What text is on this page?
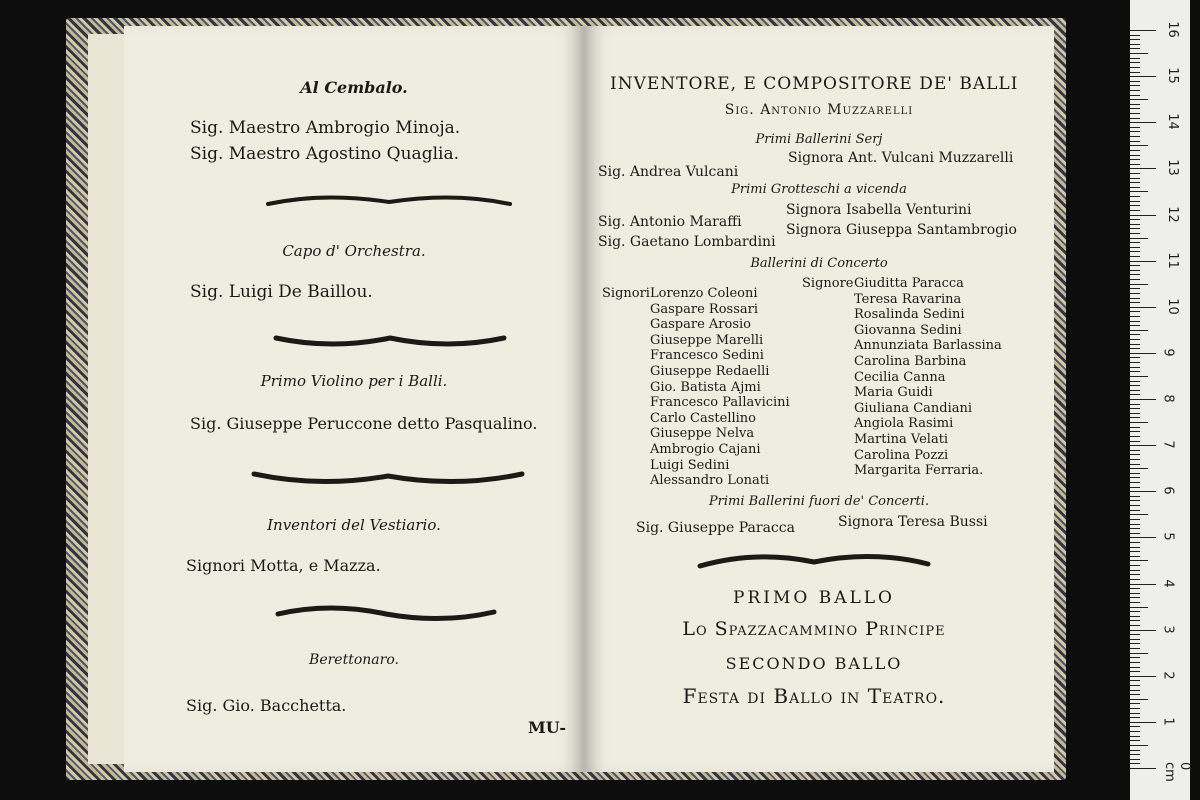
Al Cembalo.
Sig. Maestro Ambrogio Minoja.
Sig. Maestro Agostino Quaglia.
Capo d' Orchestra.
Sig. Luigi De Baillou.
Primo Violino per i Balli.
Sig. Giuseppe Peruccone detto Pasqualino.
Inventori del Vestiario.
Signori Motta, e Mazza.
Berettonaro.
Sig. Gio. Bacchetta.
MU-
INVENTORE, E COMPOSITORE DE' BALLI
Sig. Antonio Muzzarelli
Primi Ballerini Serj
Sig. Andrea Vulcani
Signora Ant. Vulcani Muzzarelli
Primi Grotteschi a vicenda
Sig. Antonio Maraffi
Sig. Gaetano Lombardini
Signora Isabella Venturini
Signora Giuseppa Santambrogio
Ballerini di Concerto
Signori Lorenzo Coleoni
Gaspare Rossari
Gaspare Arosio
Giuseppe Marelli
Francesco Sedini
Giuseppe Redaelli
Gio. Batista Ajmi
Francesco Pallavicini
Carlo Castellino
Giuseppe Nelva
Ambrogio Cajani
Luigi Sedini
Alessandro Lonati
Signore Giuditta Paracca
Teresa Ravarina
Rosalinda Sedini
Giovanna Sedini
Annunziata Barlassina
Carolina Barbina
Cecilia Canna
Maria Guidi
Giuliana Candiani
Angiola Rasimi
Martina Velati
Carolina Pozzi
Margarita Ferraria.
Primi Ballerini fuori de' Concerti.
Sig. Giuseppe Paracca	Signora Teresa Bussi
PRIMO BALLO
Lo Spazzacammino Principe
SECONDO BALLO
Festa di Ballo in Teatro.
16
15
14
13
12
11
10
9
8
7
6
5
4
3
2
1
0 cm
